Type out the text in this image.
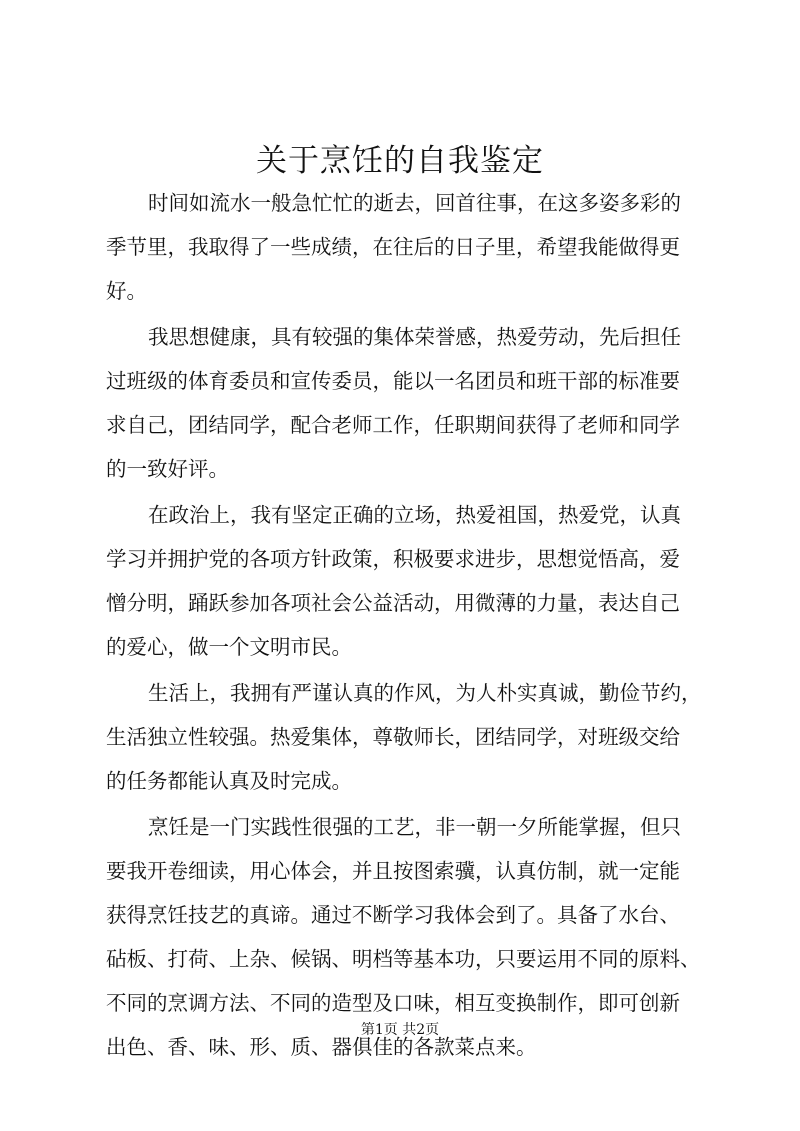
关于烹饪的自我鉴定

时间如流水一般急忙忙的逝去，回首往事，在这多姿多彩的
季节里，我取得了一些成绩，在往后的日子里，希望我能做得更
好。

我思想健康，具有较强的集体荣誉感，热爱劳动，先后担任
过班级的体育委员和宣传委员，能以一名团员和班干部的标准要
求自己，团结同学，配合老师工作，任职期间获得了老师和同学
的一致好评。

在政治上，我有坚定正确的立场，热爱祖国，热爱党，认真
学习并拥护党的各项方针政策，积极要求进步，思想觉悟高，爱
憎分明，踊跃参加各项社会公益活动，用微薄的力量，表达自己
的爱心，做一个文明市民。

生活上，我拥有严谨认真的作风，为人朴实真诚，勤俭节约，
生活独立性较强。热爱集体，尊敬师长，团结同学，对班级交给
的任务都能认真及时完成。

烹饪是一门实践性很强的工艺，非一朝一夕所能掌握，但只
要我开卷细读，用心体会，并且按图索骥，认真仿制，就一定能
获得烹饪技艺的真谛。通过不断学习我体会到了。具备了水台、
砧板、打荷、上杂、候锅、明档等基本功，只要运用不同的原料、
不同的烹调方法、不同的造型及口味，相互变换制作，即可创新
出色、香、味、形、质、器俱佳的各款菜点来。

第1页 共2页
